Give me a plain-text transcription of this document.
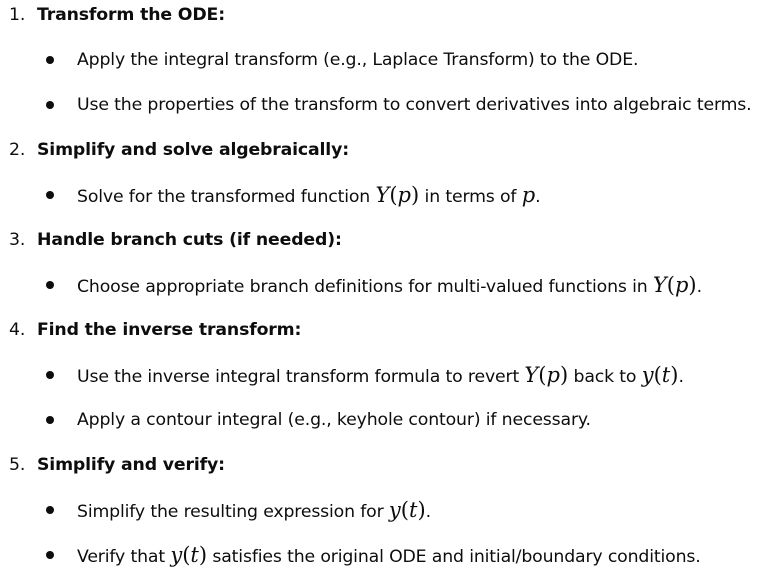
1. Transform the ODE:
Apply the integral transform (e.g., Laplace Transform) to the ODE.
Use the properties of the transform to convert derivatives into algebraic terms.
2. Simplify and solve algebraically:
Solve for the transformed function Y(p) in terms of p.
3. Handle branch cuts (if needed):
Choose appropriate branch definitions for multi-valued functions in Y(p).
4. Find the inverse transform:
Use the inverse integral transform formula to revert Y(p) back to y(t).
Apply a contour integral (e.g., keyhole contour) if necessary.
5. Simplify and verify:
Simplify the resulting expression for y(t).
Verify that y(t) satisfies the original ODE and initial/boundary conditions.
